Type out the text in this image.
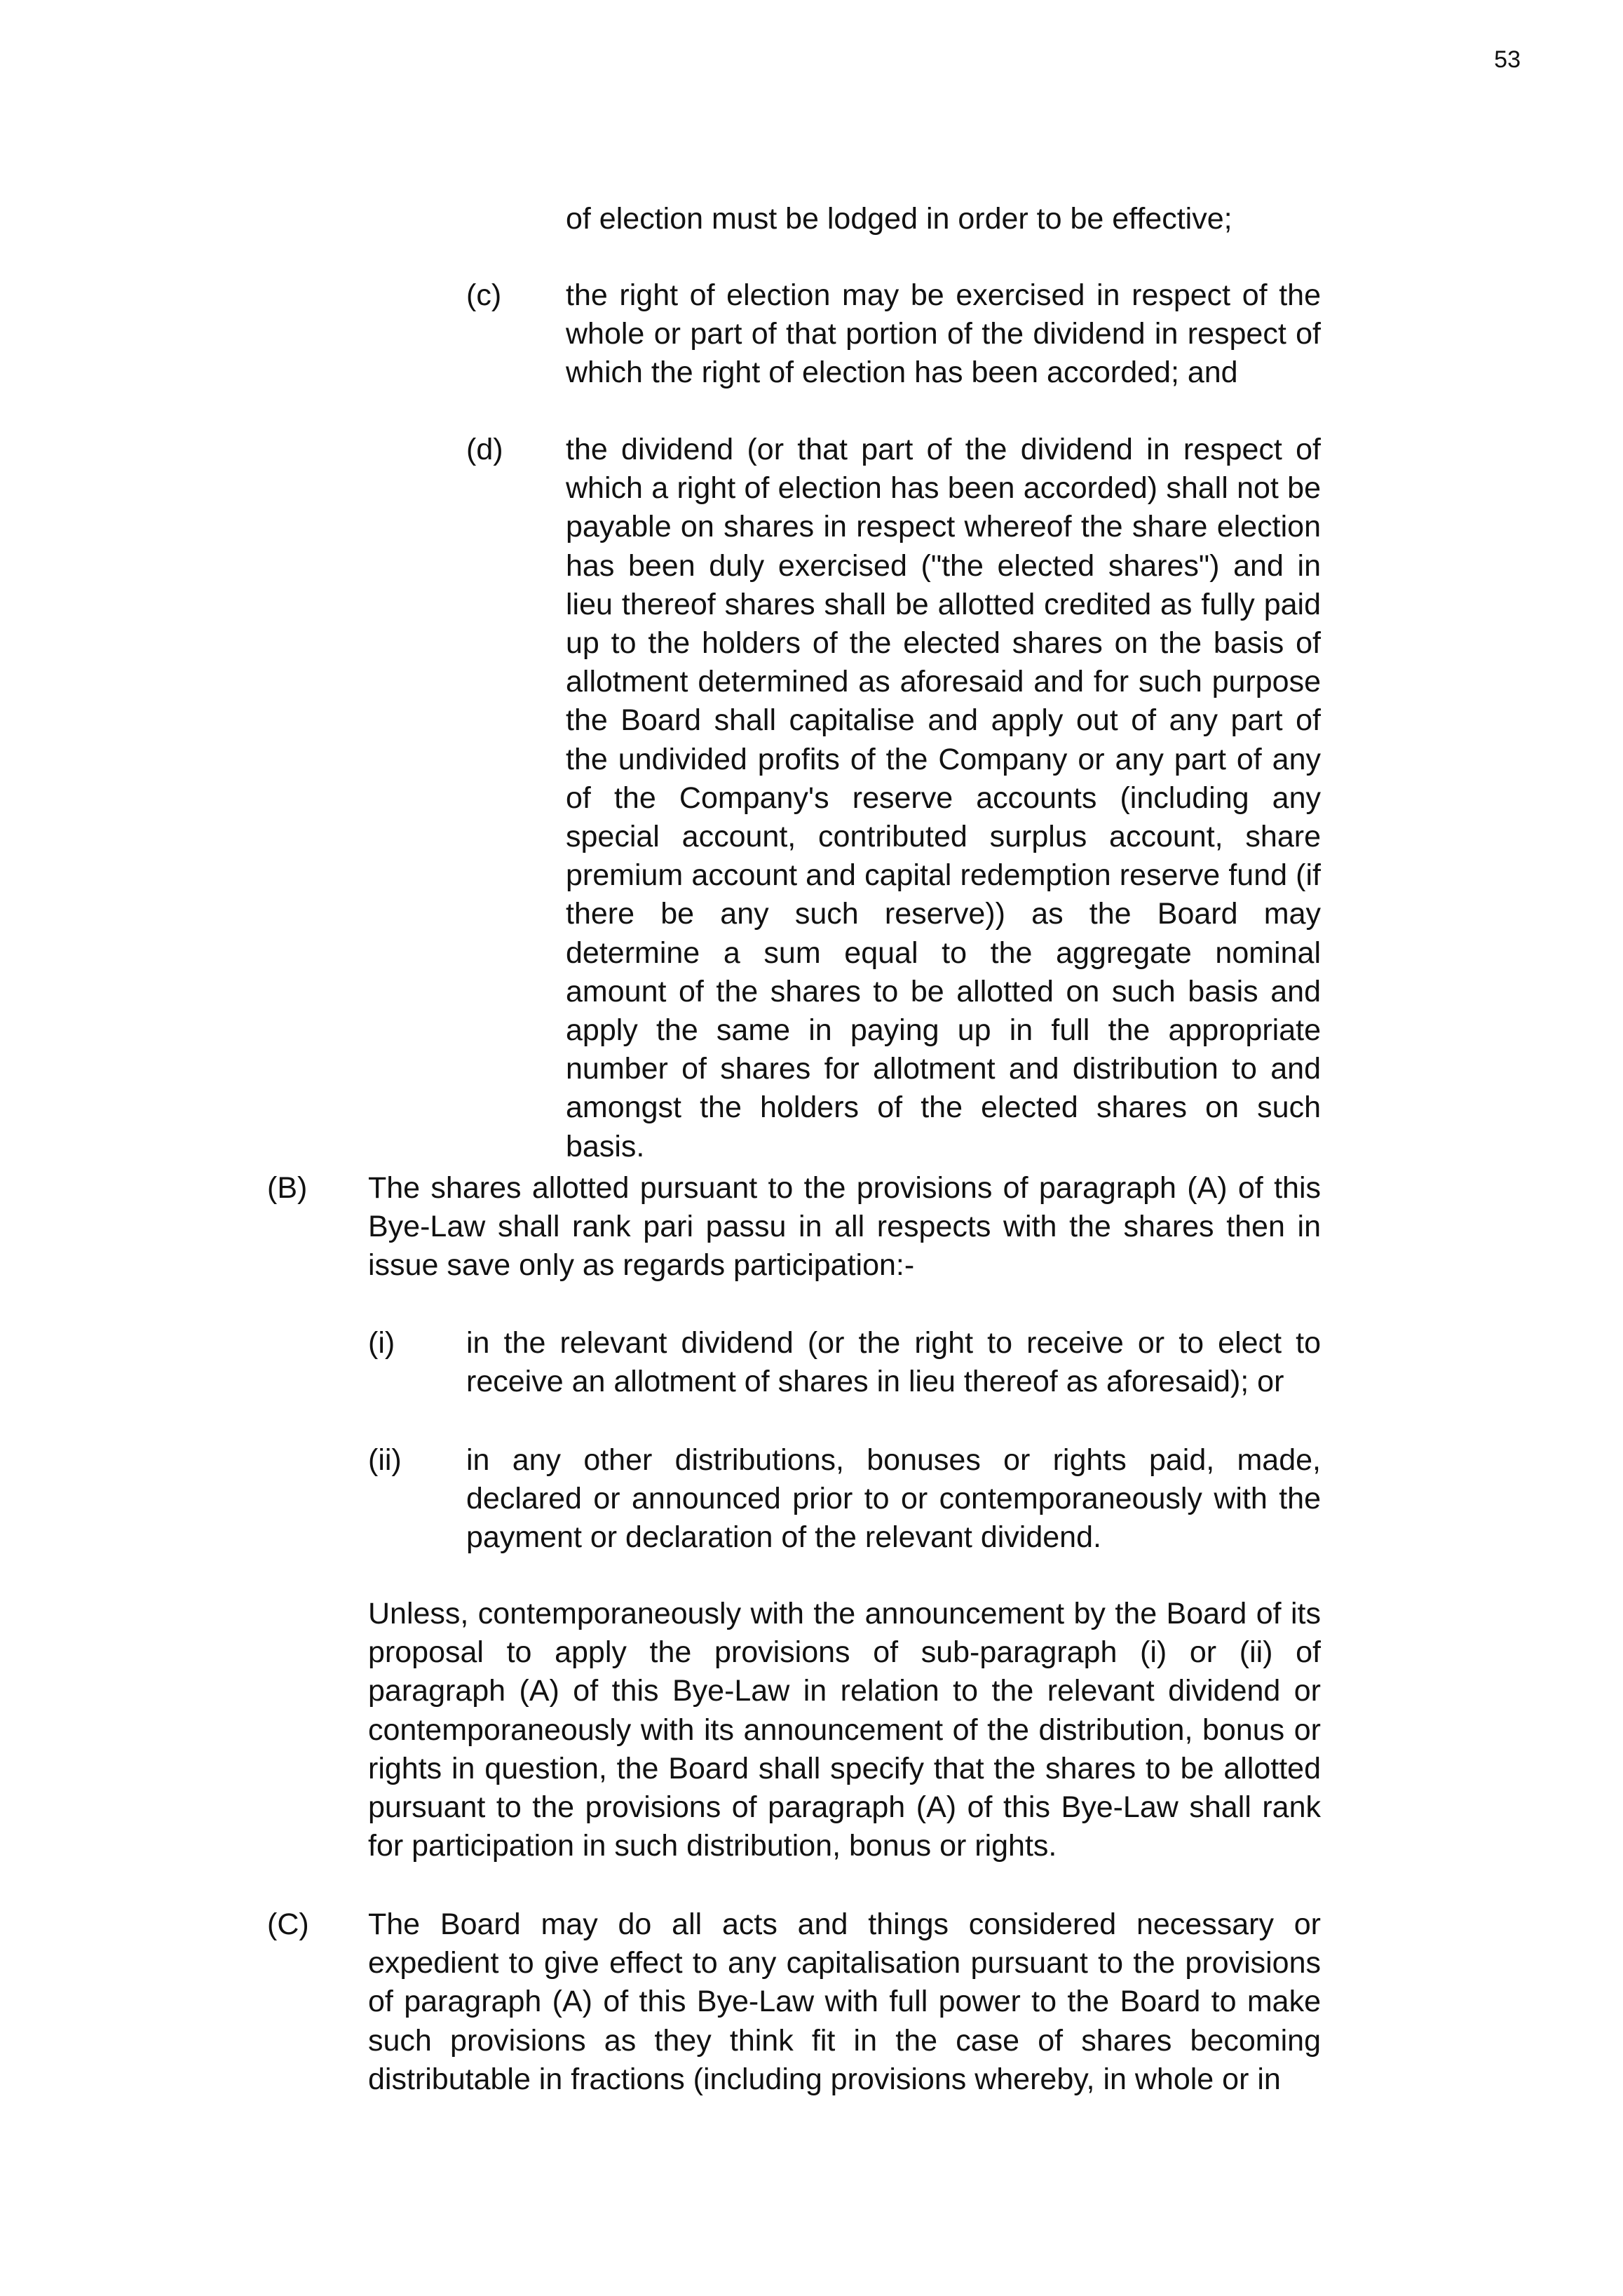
53
of election must be lodged in order to be effective;
(c) the right of election may be exercised in respect of the whole or part of that portion of the dividend in respect of which the right of election has been accorded; and
(d) the dividend (or that part of the dividend in respect of which a right of election has been accorded) shall not be payable on shares in respect whereof the share election has been duly exercised ("the elected shares") and in lieu thereof shares shall be allotted credited as fully paid up to the holders of the elected shares on the basis of allotment determined as aforesaid and for such purpose the Board shall capitalise and apply out of any part of the undivided profits of the Company or any part of any of the Company's reserve accounts (including any special account, contributed surplus account, share premium account and capital redemption reserve fund (if there be any such reserve)) as the Board may determine a sum equal to the aggregate nominal amount of the shares to be allotted on such basis and apply the same in paying up in full the appropriate number of shares for allotment and distribution to and amongst the holders of the elected shares on such basis.
(B) The shares allotted pursuant to the provisions of paragraph (A) of this Bye-Law shall rank pari passu in all respects with the shares then in issue save only as regards participation:-
(i) in the relevant dividend (or the right to receive or to elect to receive an allotment of shares in lieu thereof as aforesaid); or
(ii) in any other distributions, bonuses or rights paid, made, declared or announced prior to or contemporaneously with the payment or declaration of the relevant dividend.
Unless, contemporaneously with the announcement by the Board of its proposal to apply the provisions of sub-paragraph (i) or (ii) of paragraph (A) of this Bye-Law in relation to the relevant dividend or contemporaneously with its announcement of the distribution, bonus or rights in question, the Board shall specify that the shares to be allotted pursuant to the provisions of paragraph (A) of this Bye-Law shall rank for participation in such distribution, bonus or rights.
(C) The Board may do all acts and things considered necessary or expedient to give effect to any capitalisation pursuant to the provisions of paragraph (A) of this Bye-Law with full power to the Board to make such provisions as they think fit in the case of shares becoming distributable in fractions (including provisions whereby, in whole or in
